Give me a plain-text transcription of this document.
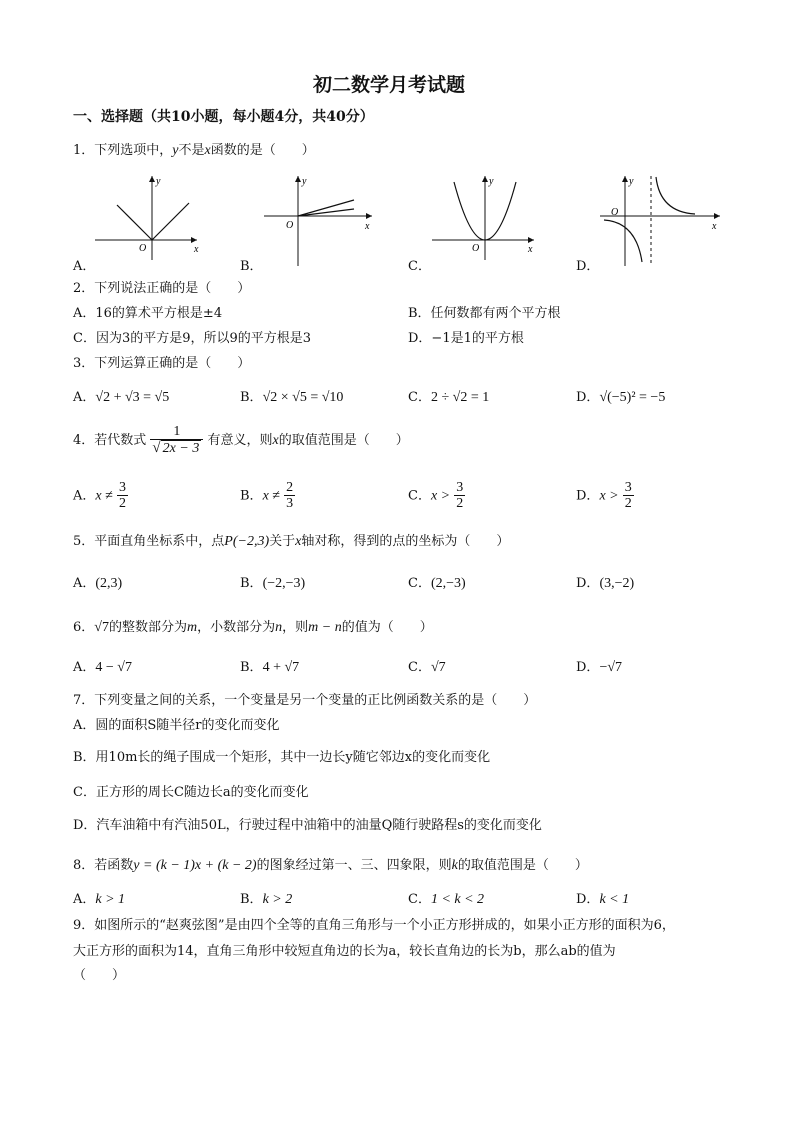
初二数学月考试题
一、选择题（共10小题，每小题4分，共40分）
1．下列选项中，y不是x函数的是（　　）
y
O	x
A．
y
O	x
B．
y
O	x
C．
y
O
x
D．
2．下列说法正确的是（　　）
A．16的算术平方根是±4	B．任何数都有两个平方根
C．因为3的平方是9，所以9的平方根是3	D．−1是1的平方根
3．下列运算正确的是（　　）
A．√2 + √3 = √5	B．√2 × √5 = √10	C．2 ÷ √2 = 1	D．√(−5)² = −5
4．若代数式 $\frac{1}{√ 2x - 3}$ 有意义，则x的取值范围是（　　）
A．$x \ne \frac{3}{2}$	B．$x \ne \frac{2}{3}$	C．$x > \frac{3}{2}$	D．$x > \frac{3}{2}$
5．平面直角坐标系中，点P(−2,3)关于x轴对称，得到的点的坐标为（　　）
A．(2,3)	B．(−2,−3)	C．(2,−3)	D．(3,−2)
6．√7的整数部分为m，小数部分为n，则m − n的值为（　　）
A．4 − √7	B．4 + √7	C．√7	D．−√7
7．下列变量之间的关系，一个变量是另一个变量的正比例函数关系的是（　　）
A．圆的面积S随半径r的变化而变化
B．用10m长的绳子围成一个矩形，其中一边长y随它邻边x的变化而变化
C．正方形的周长C随边长a的变化而变化
D．汽车油箱中有汽油50L，行驶过程中油箱中的油量Q随行驶路程s的变化而变化
8．若函数y = (k − 1)x + (k − 2)的图象经过第一、三、四象限，则k的取值范围是（　　）
A．k > 1	B．k > 2	C．1 < k < 2	D．k < 1
9．如图所示的“赵爽弦图”是由四个全等的直角三角形与一个小正方形拼成的，如果小正方形的面积为6，
大正方形的面积为14，直角三角形中较短直角边的长为a，较长直角边的长为b，那么ab的值为
（　　）
